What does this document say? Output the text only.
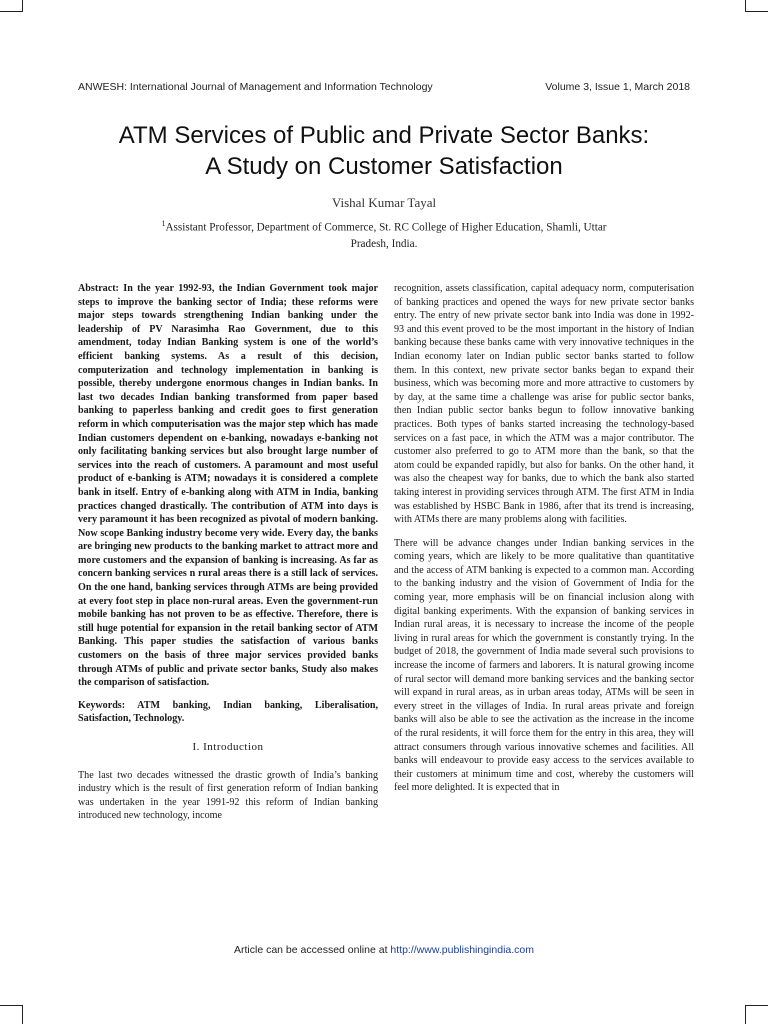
ANWESH: International Journal of Management and Information Technology	Volume 3, Issue 1, March 2018
ATM Services of Public and Private Sector Banks:
A Study on Customer Satisfaction
Vishal Kumar Tayal
$^1$Assistant Professor, Department of Commerce, St. RC College of Higher Education, Shamli, Uttar Pradesh, India.

Abstract: In the year 1992-93, the Indian Government took major steps to improve the banking sector of India; these reforms were major steps towards strengthening Indian banking under the leadership of PV Narasimha Rao Government, due to this amendment, today Indian Banking system is one of the world’s efficient banking systems. As a result of this decision, computerization and technology implementation in banking is possible, thereby undergone enormous changes in Indian banks. In last two decades Indian banking transformed from paper based banking to paperless banking and credit goes to first generation reform in which computerisation was the major step which has made Indian customers dependent on e-banking, nowadays e-banking not only facilitating banking services but also brought large number of services into the reach of customers. A paramount and most useful product of e-banking is ATM; nowadays it is considered a complete bank in itself. Entry of e-banking along with ATM in India, banking practices changed drastically. The contribution of ATM into days is very paramount it has been recognized as pivotal of modern banking. Now scope Banking industry become very wide. Every day, the banks are bringing new products to the banking market to attract more and more customers and the expansion of banking is increasing. As far as concern banking services n rural areas there is a still lack of services. On the one hand, banking services through ATMs are being provided at every foot step in place non-rural areas. Even the government-run mobile banking has not proven to be as effective. Therefore, there is still huge potential for expansion in the retail banking sector of ATM Banking. This paper studies the satisfaction of various banks customers on the basis of three major services provided banks through ATMs of public and private sector banks, Study also makes the comparison of satisfaction.

Keywords: ATM banking, Indian banking, Liberalisation, Satisfaction, Technology.

I. Introduction

The last two decades witnessed the drastic growth of India’s banking industry which is the result of first generation reform of Indian banking was undertaken in the year 1991-92 this reform of Indian banking introduced new technology, income

recognition, assets classification, capital adequacy norm, computerisation of banking practices and opened the ways for new private sector banks entry. The entry of new private sector bank into India was done in 1992-93 and this event proved to be the most important in the history of Indian banking because these banks came with very innovative techniques in the Indian economy later on Indian public sector banks started to follow them. In this context, new private sector banks began to expand their business, which was becoming more and more attractive to customers by by day, at the same time a challenge was arise for public sector banks, then Indian public sector banks begun to follow innovative banking practices. Both types of banks started increasing the technology-based services on a fast pace, in which the ATM was a major contributor. The customer also preferred to go to ATM more than the bank, so that the atom could be expanded rapidly, but also for banks. On the other hand, it was also the cheapest way for banks, due to which the bank also started taking interest in providing services through ATM. The first ATM in India was established by HSBC Bank in 1986, after that its trend is increasing, with ATMs there are many problems along with facilities.

There will be advance changes under Indian banking services in the coming years, which are likely to be more qualitative than quantitative and the access of ATM banking is expected to a common man. According to the banking industry and the vision of Government of India for the coming year, more emphasis will be on financial inclusion along with digital banking experiments. With the expansion of banking services in Indian rural areas, it is necessary to increase the income of the people living in rural areas for which the government is constantly trying. In the budget of 2018, the government of India made several such provisions to increase the income of farmers and laborers. It is natural growing income of rural sector will demand more banking services and the banking sector will expand in rural areas, as in urban areas today, ATMs will be seen in every street in the villages of India. In rural areas private and foreign banks will also be able to see the activation as the increase in the income of the rural residents, it will force them for the entry in this area, they will attract consumers through various innovative schemes and facilities. All banks will endeavour to provide easy access to the services available to their customers at minimum time and cost, whereby the customers will feel more delighted. It is expected that in

Article can be accessed online at http://www.publishingindia.com
